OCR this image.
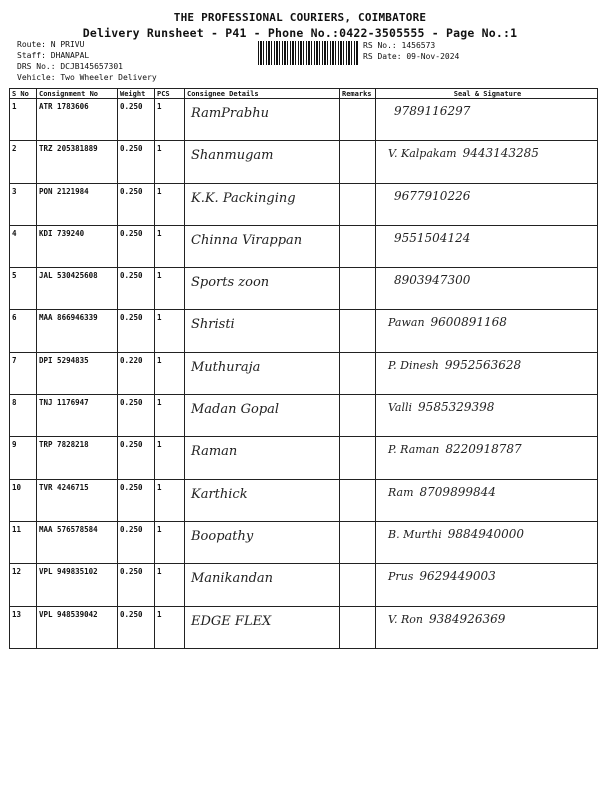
THE PROFESSIONAL COURIERS, COIMBATORE
Delivery Runsheet - P41 - Phone No.:0422-3505555 - Page No.:1
Route: N PRIVU
Staff: DHANAPAL
DRS No.: DCJB145657301
Vehicle: Two Wheeler Delivery
RS No.: 1456573
RS Date: 09-Nov-2024
S No	Consignment No	Weight	PCS	Consignee Details	Remarks	Seal & Signature

1	ATR 1783606	0.250	1	RamPrabhu		9789116297

2	TRZ 205381889	0.250	1	Shanmugam		V. Kalpakam 9443143285

3	PON 2121984	0.250	1	K.K. Packinging		9677910226

4	KDI 739240	0.250	1	Chinna Virappan		9551504124

5	JAL 530425608	0.250	1	Sports zoon		8903947300

6	MAA 866946339	0.250	1	Shristi		Pawan 9600891168

7	DPI 5294835	0.220	1	Muthuraja		P. Dinesh 9952563628

8	TNJ 1176947	0.250	1	Madan Gopal		Valli 9585329398

9	TRP 7828218	0.250	1	Raman		P. Raman 8220918787

10	TVR 4246715	0.250	1	Karthick		Ram 8709899844

11	MAA 576578584	0.250	1	Boopathy		B. Murthi 9884940000

12	VPL 949835102	0.250	1	Manikandan		Prus 9629449003

13	VPL 948539042	0.250	1	EDGE FLEX		V. Ron 9384926369
